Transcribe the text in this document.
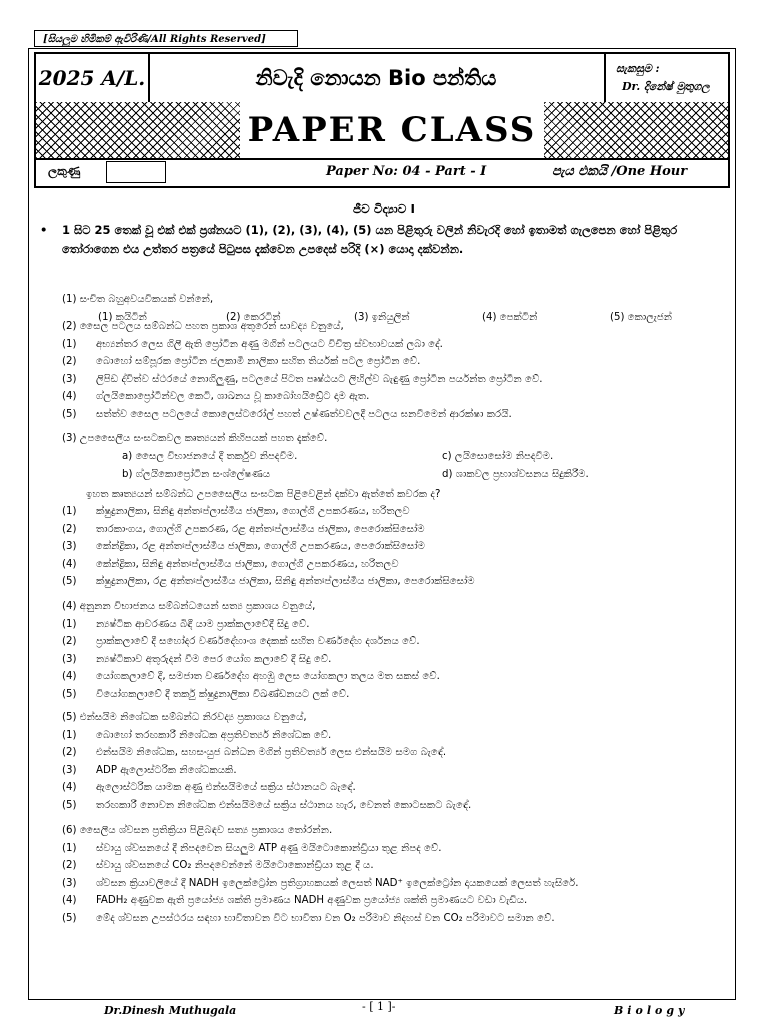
[සියලුම හිමිකම් ඇවිරිණි/All Rights Reserved]
2025 A/L.	නිවැදි නොයන Bio පන්තිය	සැකසුම :
Dr. දිනේෂ් මුතුගල
PAPER CLASS
ලකුණු	Paper No: 04 - Part - I	පැය එකයි /One Hour
ජීව විද්‍යාව I
• 1 සිට 25 තෙක් වූ එක් එක් ප්‍රශ්නයට (1), (2), (3), (4), (5) යන පිළිතුරු වලින් නිවැරදි හෝ ඉතාමත් ගැලපෙන හෝ පිළිතුර තෝරාගෙන එය උත්තර පත්‍රයේ පිටුපස දැක්වෙන උපදෙස් පරිදි (×) යොදා දක්වන්න.
(1) සංචිත බහුඅවයවිකයක් වන්නේ,
(1) කයිටින්	(2) කෙරටින්	(3) ඉනියුලින්	(4) පෙක්ටින්	(5) කොලැජන්
(2) සෛල පටලය සම්බන්ධ පහත ප්‍රකාශ අතුරෙන් සාවද්‍ය වනුයේ,
(1) අභ්‍යන්තර ලෙස ගිලී ඇති ප්‍රෝටීන අණු මගින් පටලයට විචිත්‍ර ස්වභාවයක් ලබා දේ.
(2) බොහෝ සම්පූරක ප්‍රෝටීන ජලකාමී නාලිකා සහිත තිර්යක් පටල ප්‍රෝටීන වේ.
(3) ලිපිඩ ද්විත්ව ස්ථරයේ නොගිලුණු, පටලයේ පිටත පෘෂ්ඨයට ලිහිල්ව බැඳුණු ප්‍රෝටීන පර්යන්ත ප්‍රෝටීන වේ.
(4) ග්ලයිකොප්‍රෝටීන්වල කෙටි, ශාඛනය වූ කාබෝහයිඩ්‍රේට දාම ඇත.
(5) සත්ත්ව සෛල පටලයේ කොලෙස්ටරෝල් පහත් උෂ්ණත්වවලදී පටලය ඝනවීමෙන් ආරක්ෂා කරයි.
(3) උපසෛලීය සංඝටකවල කෘත්‍යයන් කිහිපයක් පහත දැක්වේ.
a) සෛල විභාජනයේ දී තර්කුව නිපදවීම.	c) ලයිසොසෝම නිපදවීම.
b) ග්ලයිකොප්‍රෝටීන සංශ්ලේෂණය	d) ශාකවල ප්‍රභාශ්වසනය සිදුකිරීම.
ඉහත කෘත්‍යයන් සම්බන්ධ උපසෛලීය සංඝටක පිළිවෙළින් දක්වා ඇත්තේ කවරක ද?
(1) ක්ෂුද්‍රනාලිකා, සිනිඳු අන්තඃප්ලාස්මීය ජාලිකා, ගොල්ගි උපකරණය, හරිතලව
(2) තාරකාංගය, ගොල්ගි උපකරණ, රළ අන්තඃප්ලාස්මීය ජාලිකා, පෙරොක්සිසෝම
(3) කේන්ද්‍රිකා, රළ අන්තඃප්ලාස්මීය ජාලිකා, ගොල්ගි උපකරණය, පෙරොක්සිසෝම
(4) කේන්ද්‍රිකා, සිනිඳු අන්තඃප්ලාස්මීය ජාලිකා, ගොල්ගි උපකරණය, හරිතලව
(5) ක්ෂුද්‍රනාලිකා, රළ අන්තඃප්ලාස්මීය ජාලිකා, සිනිඳු අන්තඃප්ලාස්මීය ජාලිකා, පෙරොක්සිසෝම
(4) අනුනන විභාජනය සම්බන්ධයෙන් සත්‍ය ප්‍රකාශය වනුයේ,
(1) න්‍යෂ්ටික ආවරණය බිඳී යාම ප්‍රාක්කලාවේදී සිදු වේ.
(2) ප්‍රාක්කලාවේ දී සහෝදර වර්ණදේහාංශ දෙකක් සහිත වර්ණදේහ දර්ශනය වේ.
(3) න්‍යෂ්ටිකාව අතුරුදන් වීම පෙර යෝග කලාවේ දී සිදු වේ.
(4) යෝගකලාවේ දී, සමජාත වර්ණදේහ අහඹු ලෙස යෝගකලා තලය මත සකස් වේ.
(5) වියෝගකලාවේ දී තර්කු ක්ෂුද්‍රනාලිකා විඛණ්ඩනයට ලක් වේ.
(5) එන්සයිම නිශේධක සම්බන්ධ නිරවද්‍ය ප්‍රකාශය වනුයේ,
(1) බොහෝ තරඟකාරී නිශේධක අප්‍රතිවර්ත්‍ය නිශේධක වේ.
(2) එන්සයිම නිශේධක, සහසංයුජ බන්ධන මගින් ප්‍රතිවර්ත්‍ය ලෙස එන්සයිම සමග බැඳේ.
(3) ADP ඇලොස්ටරික නිශේධකයකි.
(4) ඇලොස්ටරික යාමක අණු එන්සයිමයේ සක්‍රිය ස්ථානයට බැඳේ.
(5) තරඟකාරී නොවන නිශේධක එන්සයිමයේ සක්‍රිය ස්ථානය හැර, වෙනත් කොටසකට බැඳේ.
(6) සෛලීය ශ්වසන ප්‍රතික්‍රියා පිළිබඳව සත්‍ය ප්‍රකාශය තෝරන්න.
(1) ස්වායු ශ්වසනයේ දී නිපදවෙන සියලුම ATP අණු මයිටොකොන්ඩ්‍රියා තුළ නිපද වේ.
(2) ස්වායු ශ්වසනයේ CO₂ නිපදවෙන්නේ මයිටොකොන්ඩ්‍රියා තුළ දී ය.
(3) ශ්වසන ක්‍රියාවලියේ දී NADH ඉලෙක්ට්‍රෝන ප්‍රතිග්‍රාහකයක් ලෙසත් NAD⁺ ඉලෙක්ට්‍රෝන දායකයෙක් ලෙසත් හැසිරේ.
(4) FADH₂ අණුවක ඇති ප්‍රයෝජ්‍ය ශක්ති ප්‍රමාණය NADH අණුවක ප්‍රයෝජ්‍ය ශක්ති ප්‍රමාණයට වඩා වැඩිය.
(5) මේද ශ්වසන උපස්ථරය සඳහා භාවිතාවන විට භාවිතා වන O₂ පරිමාව නිදහස් වන CO₂ පරිමාවට සමාන වේ.
Dr.Dinesh Muthugala	- [ 1 ]-	Biology
